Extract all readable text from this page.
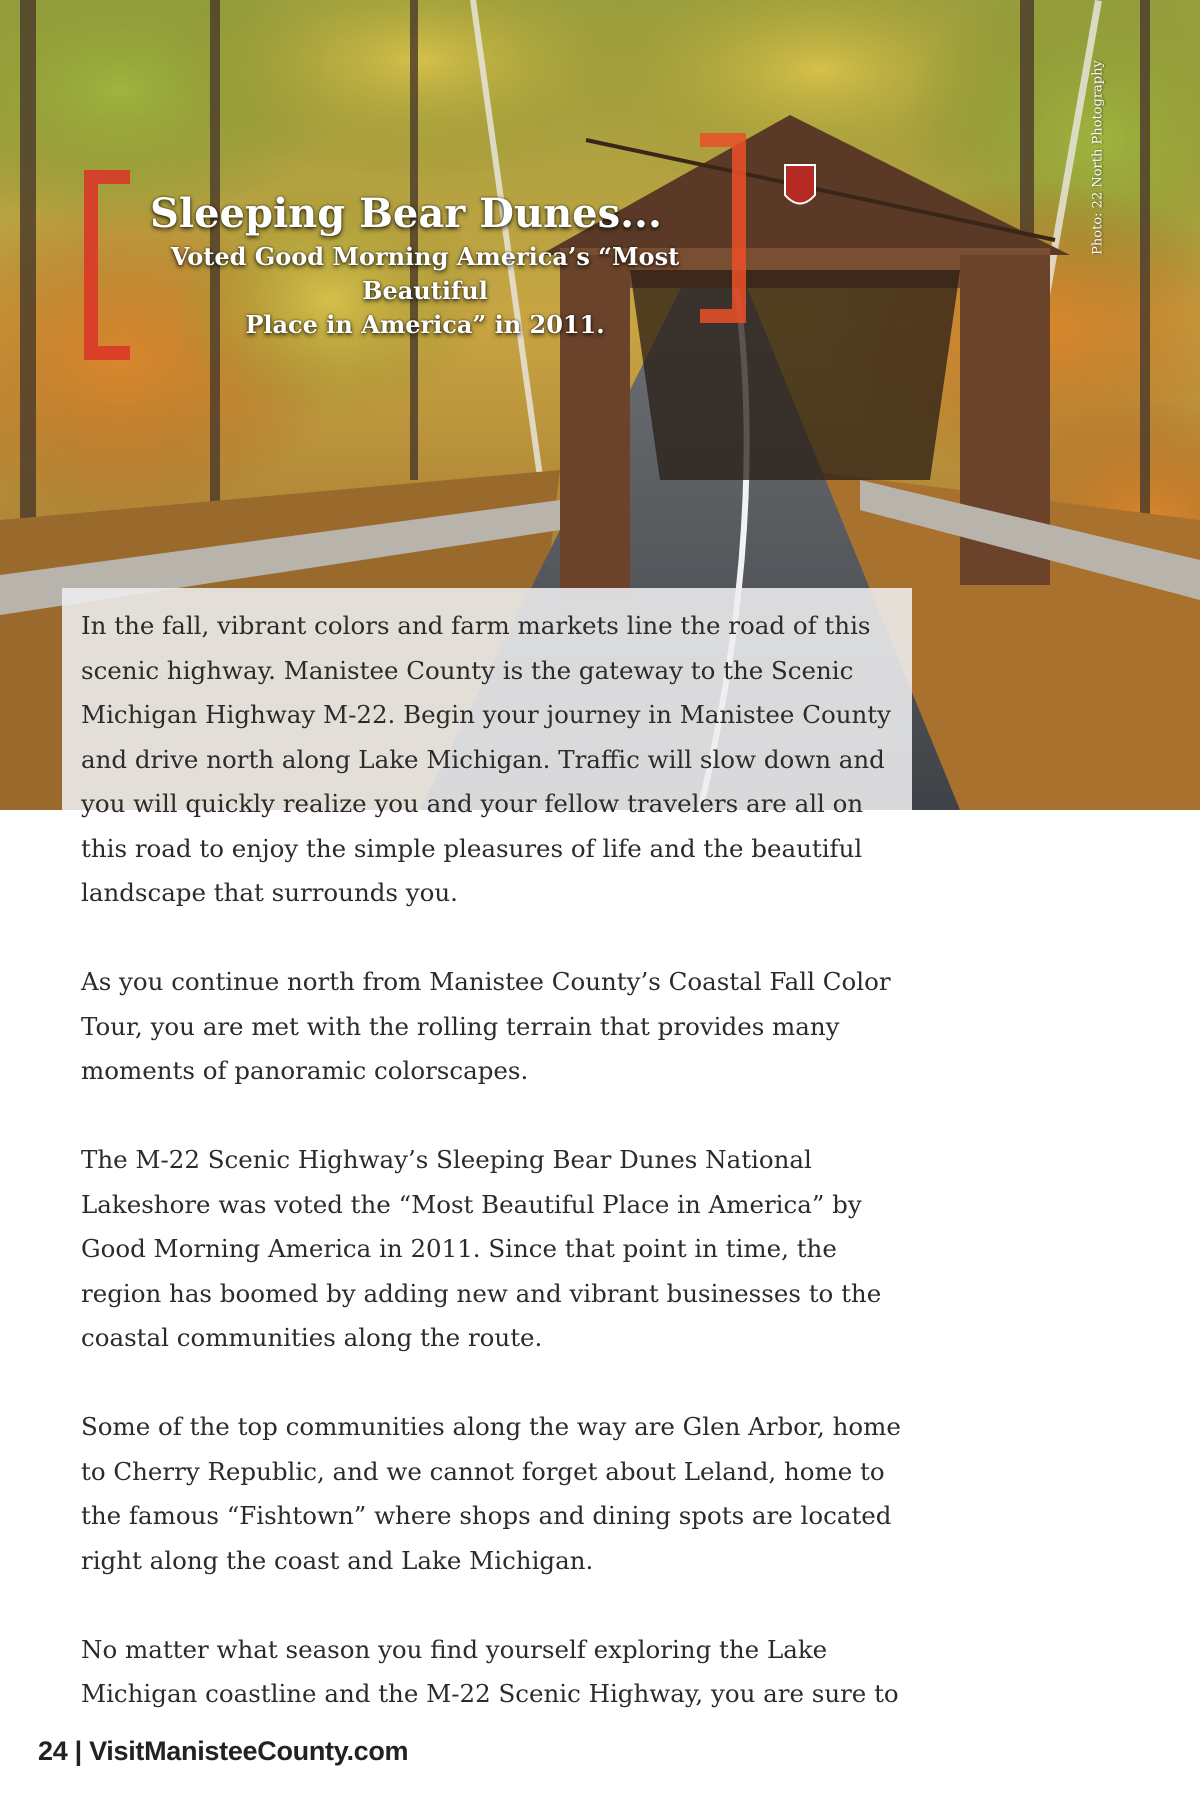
Sleeping Bear Dunes...

Voted Good Morning America’s “Most Beautiful
Place in America” in 2011.

Photo: 22 North Photography

In the fall, vibrant colors and farm markets line the road of this scenic highway. Manistee County is the gateway to the Scenic Michigan Highway M-22. Begin your journey in Manistee County and drive north along Lake Michigan. Traffic will slow down and you will quickly realize you and your fellow travelers are all on this road to enjoy the simple pleasures of life and the beautiful landscape that surrounds you.

As you continue north from Manistee County’s Coastal Fall Color Tour, you are met with the rolling terrain that provides many moments of panoramic colorscapes.

The M-22 Scenic Highway’s Sleeping Bear Dunes National Lakeshore was voted the “Most Beautiful Place in America” by Good Morning America in 2011. Since that point in time, the region has boomed by adding new and vibrant businesses to the coastal communities along the route.

Some of the top communities along the way are Glen Arbor, home to Cherry Republic, and we cannot forget about Leland, home to the famous “Fishtown” where shops and dining spots are located right along the coast and Lake Michigan.

No matter what season you find yourself exploring the Lake Michigan coastline and the M-22 Scenic Highway, you are sure to

24 | VisitManisteeCounty.com
